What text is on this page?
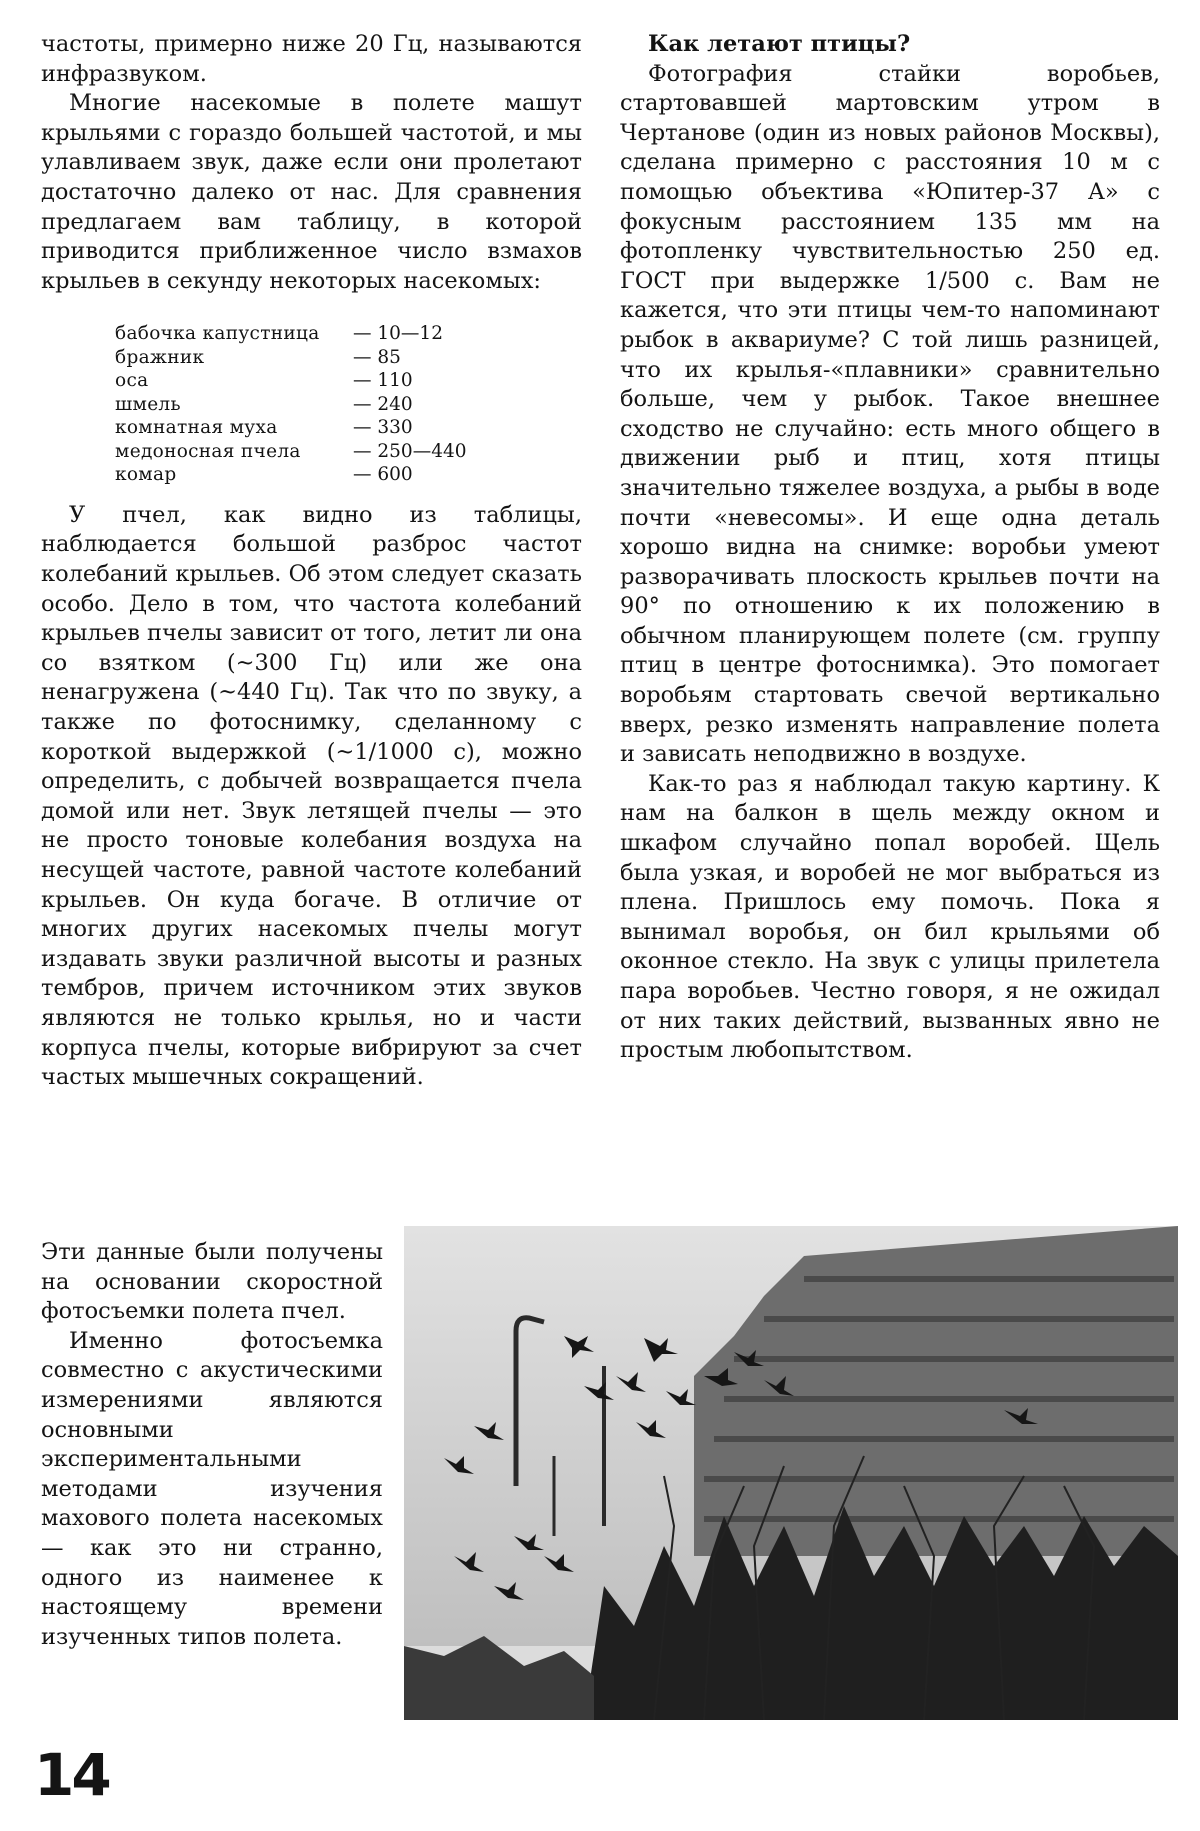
частоты, примерно ниже 20 Гц, называются инфразвуком.

Многие насекомые в полете машут крыльями с гораздо большей частотой, и мы улавливаем звук, даже если они пролетают достаточно далеко от нас. Для сравнения предлагаем вам таблицу, в которой приводится приближенное число взмахов крыльев в секунду некоторых насекомых:

бабочка капустница	— 10—12
бражник	— 85
оса	— 110
шмель	— 240
комнатная муха	— 330
медоносная пчела	— 250—440
комар	— 600

У пчел, как видно из таблицы, наблюдается большой разброс частот колебаний крыльев. Об этом следует сказать особо. Дело в том, что частота колебаний крыльев пчелы зависит от того, летит ли она со взятком (~300 Гц) или же она ненагружена (~440 Гц). Так что по звуку, а также по фотоснимку, сделанному с короткой выдержкой (~1/1000 с), можно определить, с добычей возвращается пчела домой или нет. Звук летящей пчелы — это не просто тоновые колебания воздуха на несущей частоте, равной частоте колебаний крыльев. Он куда богаче. В отличие от многих других насекомых пчелы могут издавать звуки различной высоты и разных тембров, причем источником этих звуков являются не только крылья, но и части корпуса пчелы, которые вибрируют за счет частых мышечных сокращений.

Эти данные были получены на основании скоростной фотосъемки полета пчел.

Именно фотосъемка совместно с акустическими измерениями являются основными экспериментальными методами изучения махового полета насекомых — как это ни странно, одного из наименее к настоящему времени изученных типов полета.

Как летают птицы?

Фотография стайки воробьев, стартовавшей мартовским утром в Чертанове (один из новых районов Москвы), сделана примерно с расстояния 10 м с помощью объектива «Юпитер-37 А» с фокусным расстоянием 135 мм на фотопленку чувствительностью 250 ед. ГОСТ при выдержке 1/500 с. Вам не кажется, что эти птицы чем-то напоминают рыбок в аквариуме? С той лишь разницей, что их крылья-«плавники» сравнительно больше, чем у рыбок. Такое внешнее сходство не случайно: есть много общего в движении рыб и птиц, хотя птицы значительно тяжелее воздуха, а рыбы в воде почти «невесомы». И еще одна деталь хорошо видна на снимке: воробьи умеют разворачивать плоскость крыльев почти на 90° по отношению к их положению в обычном планирующем полете (см. группу птиц в центре фотоснимка). Это помогает воробьям стартовать свечой вертикально вверх, резко изменять направление полета и зависать неподвижно в воздухе.

Как-то раз я наблюдал такую картину. К нам на балкон в щель между окном и шкафом случайно попал воробей. Щель была узкая, и воробей не мог выбраться из плена. Пришлось ему помочь. Пока я вынимал воробья, он бил крыльями об оконное стекло. На звук с улицы прилетела пара воробьев. Честно говоря, я не ожидал от них таких действий, вызванных явно не простым любопытством.

14
